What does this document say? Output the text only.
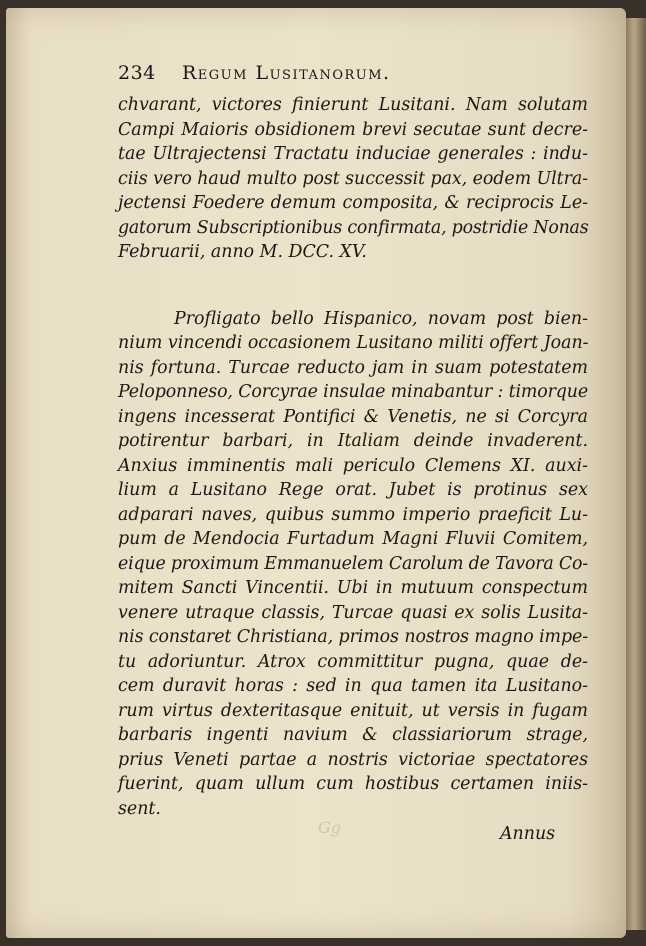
234 Regum Lusitanorum.
chvarant, victores finierunt Lusitani. Nam solutam
Campi Maioris obsidionem brevi secutae sunt decre-
tae Ultrajectensi Tractatu induciae generales : indu-
ciis vero haud multo post successit pax, eodem Ultra-
jectensi Foedere demum composita, & reciprocis Le-
gatorum Subscriptionibus confirmata, postridie Nonas
Februarii, anno M. DCC. XV.
Profligato bello Hispanico, novam post bien-
nium vincendi occasionem Lusitano militi offert Joan-
nis fortuna. Turcae reducto jam in suam potestatem
Peloponneso, Corcyrae insulae minabantur : timorque
ingens incesserat Pontifici & Venetis, ne si Corcyra
potirentur barbari, in Italiam deinde invaderent.
Anxius imminentis mali periculo Clemens XI. auxi-
lium a Lusitano Rege orat. Jubet is protinus sex
adparari naves, quibus summo imperio praeficit Lu-
pum de Mendocia Furtadum Magni Fluvii Comitem,
eique proximum Emmanuelem Carolum de Tavora Co-
mitem Sancti Vincentii. Ubi in mutuum conspectum
venere utraque classis, Turcae quasi ex solis Lusita-
nis constaret Christiana, primos nostros magno impe-
tu adoriuntur. Atrox committitur pugna, quae de-
cem duravit horas : sed in qua tamen ita Lusitano-
rum virtus dexteritasque enituit, ut versis in fugam
barbaris ingenti navium & classiariorum strage,
prius Veneti partae a nostris victoriae spectatores
fuerint, quam ullum cum hostibus certamen iniis-
sent.
Annus
Gg
